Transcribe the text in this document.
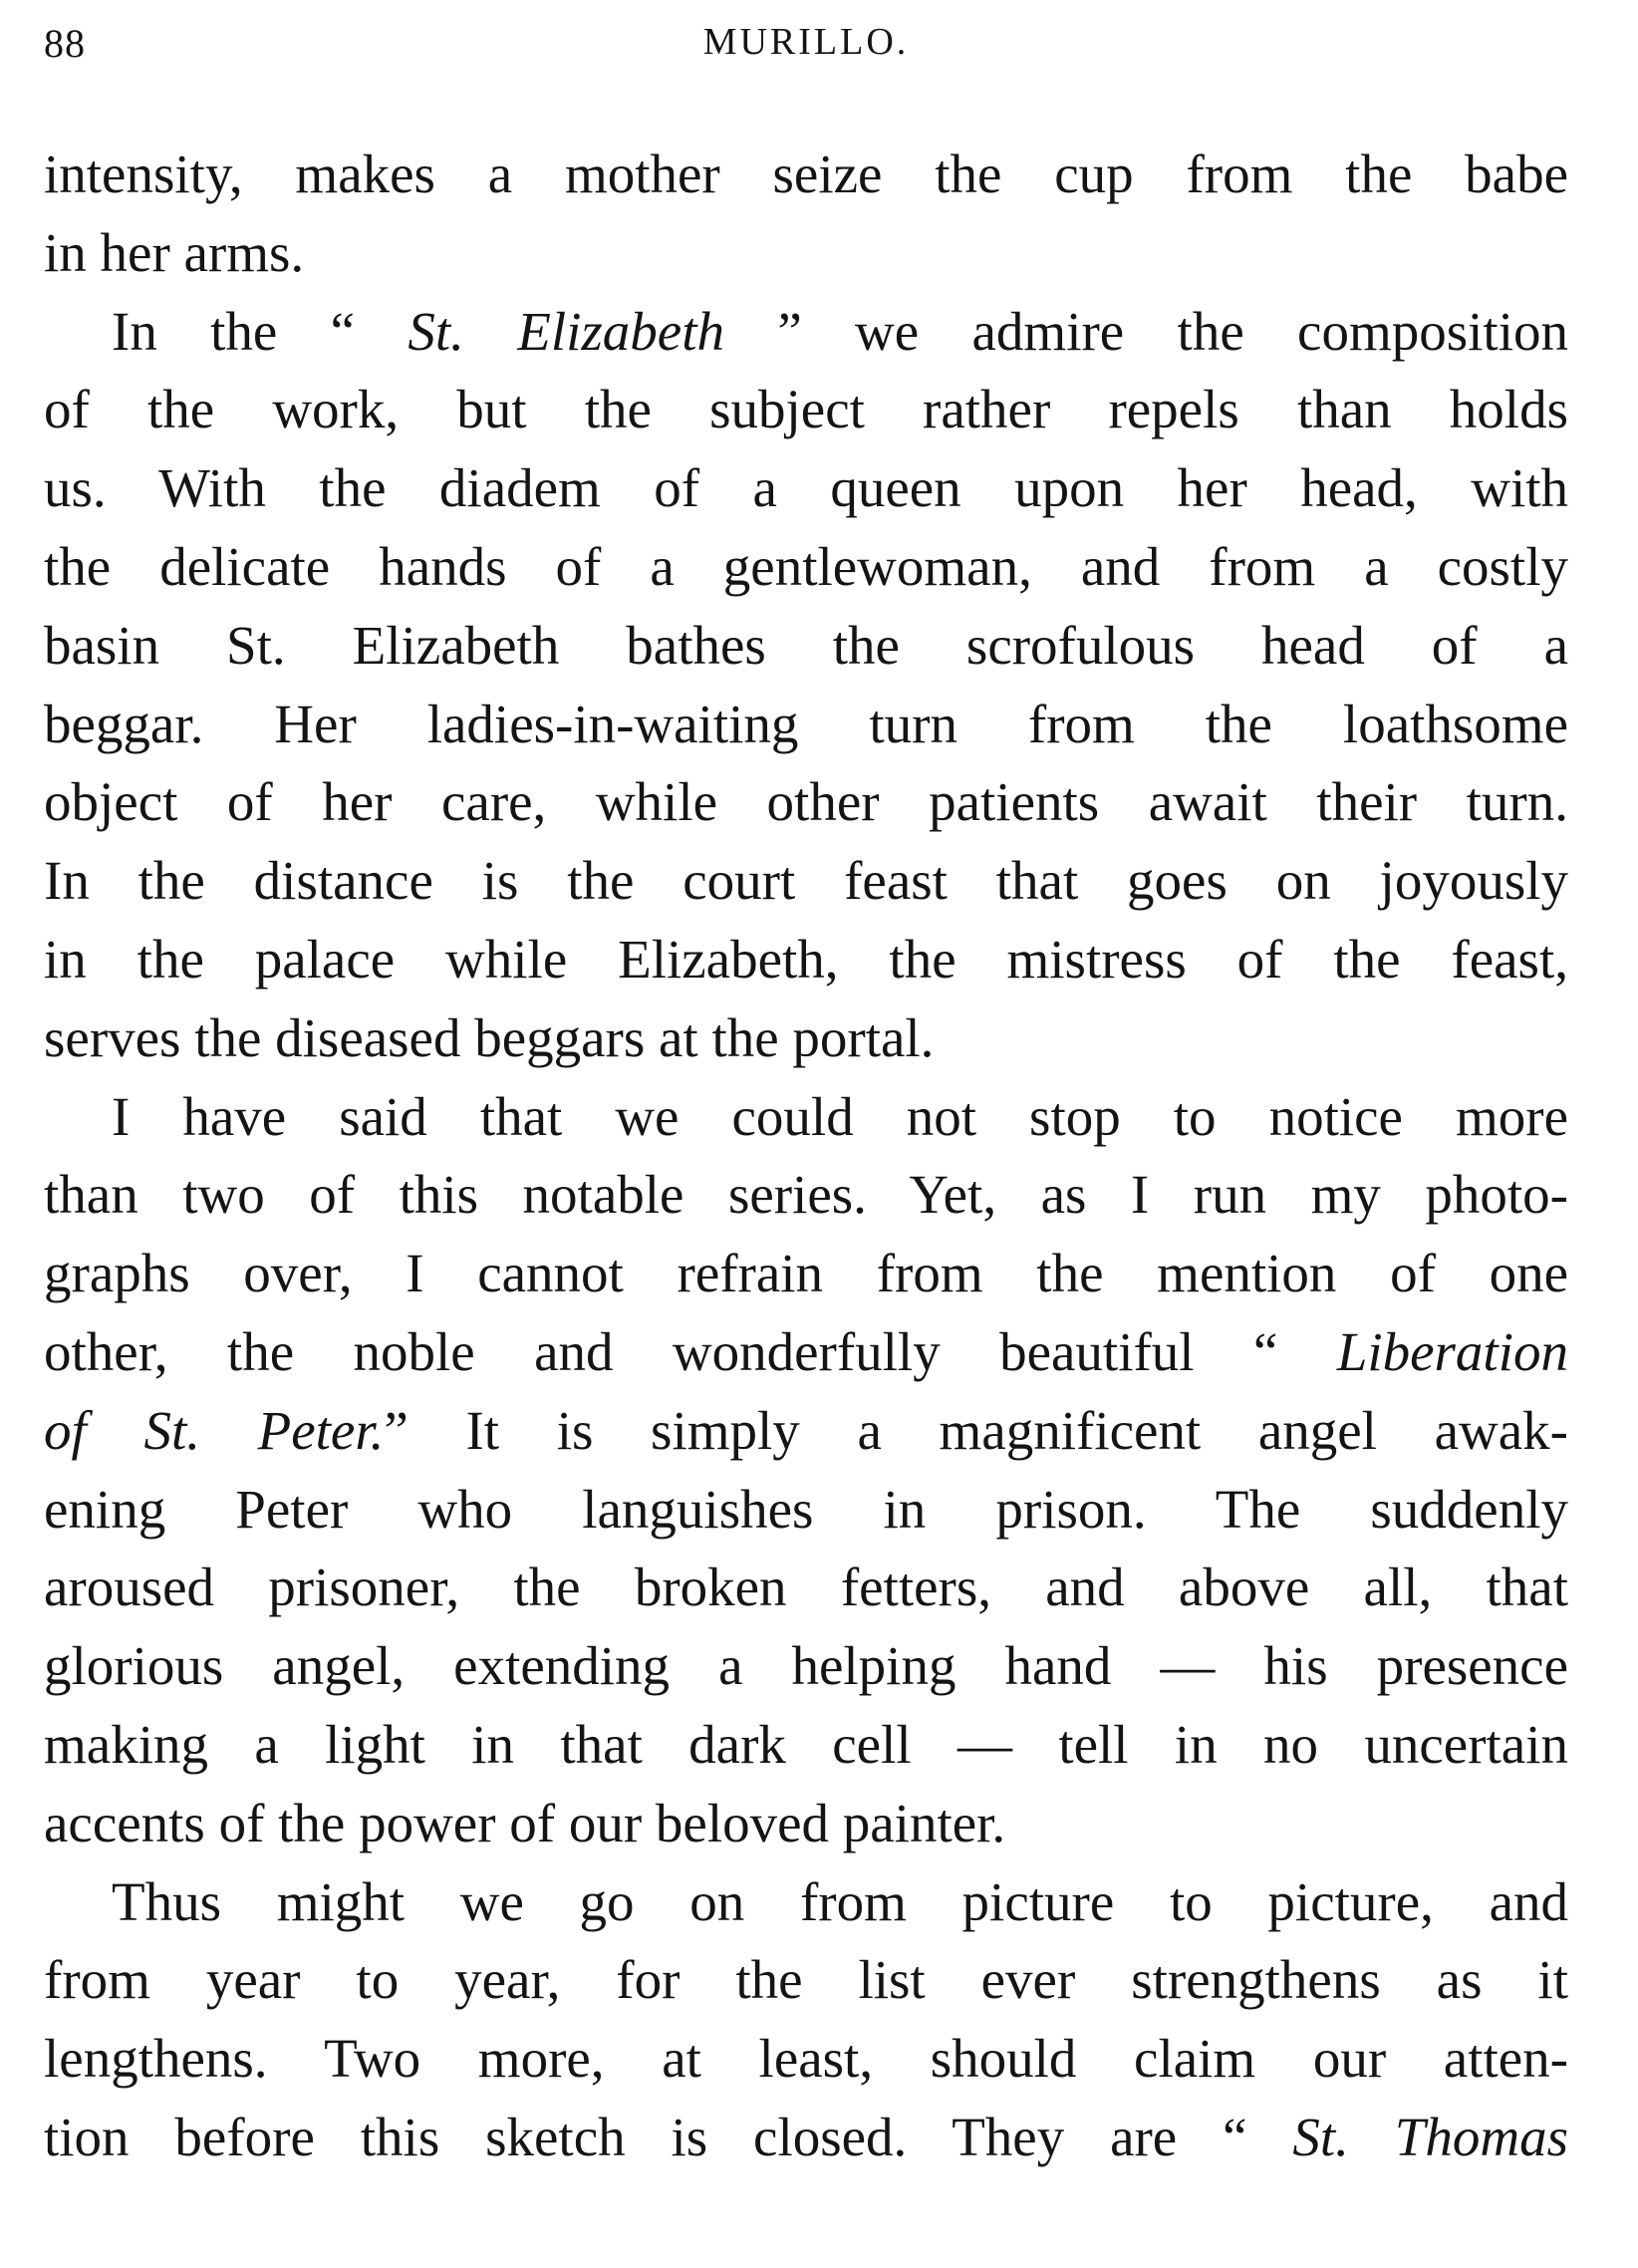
88	MURILLO.
intensity, makes a mother seize the cup from the babe
in her arms.
In the “ St. Elizabeth ” we admire the composition
of the work, but the subject rather repels than holds
us. With the diadem of a queen upon her head, with
the delicate hands of a gentlewoman, and from a costly
basin St. Elizabeth bathes the scrofulous head of a
beggar. Her ladies-in-waiting turn from the loathsome
object of her care, while other patients await their turn.
In the distance is the court feast that goes on joyously
in the palace while Elizabeth, the mistress of the feast,
serves the diseased beggars at the portal.
I have said that we could not stop to notice more
than two of this notable series. Yet, as I run my photo-
graphs over, I cannot refrain from the mention of one
other, the noble and wonderfully beautiful “ Liberation
of St. Peter.” It is simply a magnificent angel awak-
ening Peter who languishes in prison. The suddenly
aroused prisoner, the broken fetters, and above all, that
glorious angel, extending a helping hand — his presence
making a light in that dark cell — tell in no uncertain
accents of the power of our beloved painter.
Thus might we go on from picture to picture, and
from year to year, for the list ever strengthens as it
lengthens. Two more, at least, should claim our atten-
tion before this sketch is closed. They are “ St. Thomas
